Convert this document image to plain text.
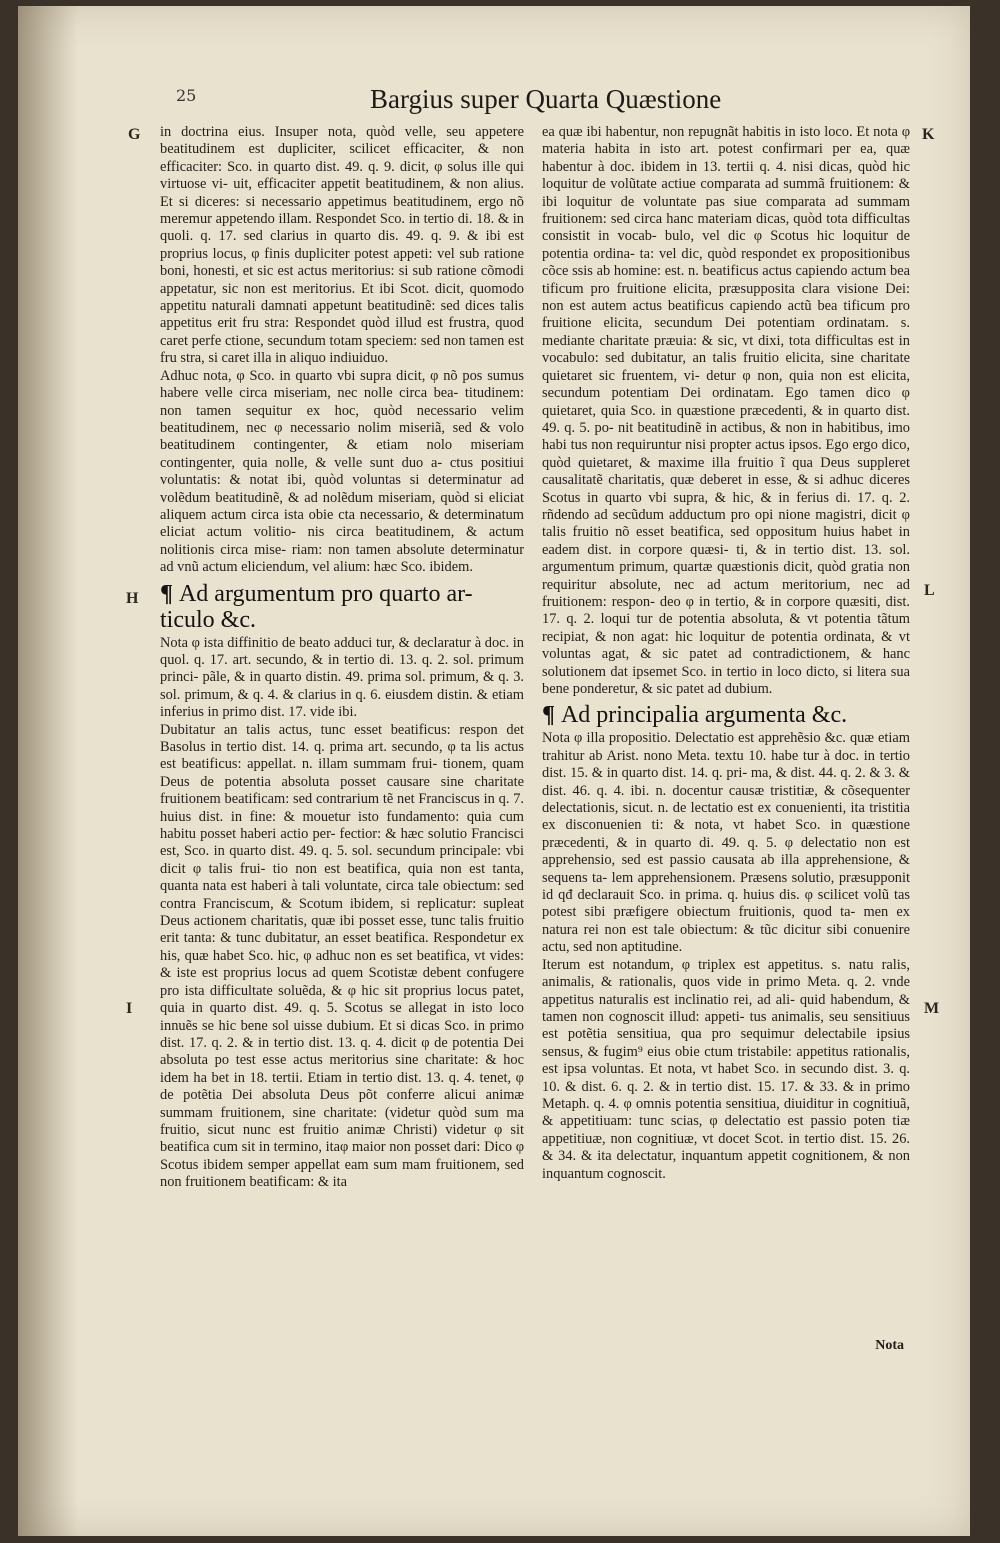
25	Bargius super Quarta Quæstione
G
H
I
K
L
M

in doctrina eius. Insuper nota, quòd velle, seu appetere beatitudinem est dupliciter, scilicet efficaciter, & non efficaciter: Sco. in quarto dist. 49. q. 9. dicit, φ solus ille qui virtuose vi- uit, efficaciter appetit beatitudinem, & non alius. Et si diceres: si necessario appetimus beatitudinem, ergo nõ meremur appetendo illam. Respondet Sco. in tertio di. 18. & in quoli. q. 17. sed clarius in quarto dis. 49. q. 9. & ibi est proprius locus, φ finis dupliciter potest appeti: vel sub ratione boni, honesti, et sic est actus meritorius: si sub ratione cõmodi appetatur, sic non est meritorius. Et ibi Scot. dicit, quomodo appetitu naturali damnati appetunt beatitudinẽ: sed dices talis appetitus erit fru stra: Respondet quòd illud est frustra, quod caret perfe ctione, secundum totam speciem: sed non tamen est fru stra, si caret illa in aliquo indiuiduo.

Adhuc nota, φ Sco. in quarto vbi supra dicit, φ nõ pos sumus habere velle circa miseriam, nec nolle circa bea- titudinem: non tamen sequitur ex hoc, quòd necessario velim beatitudinem, nec φ necessario nolim miseriã, sed & volo beatitudinem contingenter, & etiam nolo miseriam contingenter, quia nolle, & velle sunt duo a- ctus positiui voluntatis: & notat ibi, quòd voluntas si determinatur ad volẽdum beatitudinẽ, & ad nolẽdum miseriam, quòd si eliciat aliquem actum circa ista obie cta necessario, & determinatum eliciat actum volitio- nis circa beatitudinem, & actum nolitionis circa mise- riam: non tamen absolute determinatur ad vnũ actum eliciendum, vel alium: hæc Sco. ibidem.

¶ Ad argumentum pro quarto ar- ticulo &c.

Nota φ ista diffinitio de beato adduci tur, & declaratur à doc. in quol. q. 17. art. secundo, & in tertio di. 13. q. 2. sol. primum princi- pãle, & in quarto distin. 49. prima sol. primum, & q. 3. sol. primum, & q. 4. & clarius in q. 6. eiusdem distin. & etiam inferius in primo dist. 17. vide ibi.

Dubitatur an talis actus, tunc esset beatificus: respon det Basolus in tertio dist. 14. q. prima art. secundo, φ ta lis actus est beatificus: appellat. n. illam summam frui- tionem, quam Deus de potentia absoluta posset causare sine charitate fruitionem beatificam: sed contrarium tẽ net Franciscus in q. 7. huius dist. in fine: & mouetur isto fundamento: quia cum habitu posset haberi actio per- fectior: & hæc solutio Francisci est, Sco. in quarto dist. 49. q. 5. sol. secundum principale: vbi dicit φ talis frui- tio non est beatifica, quia non est tanta, quanta nata est haberi à tali voluntate, circa tale obiectum: sed contra Franciscum, & Scotum ibidem, si replicatur: supleat Deus actionem charitatis, quæ ibi posset esse, tunc talis fruitio erit tanta: & tunc dubitatur, an esset beatifica. Respondetur ex his, quæ habet Sco. hic, φ adhuc non es set beatifica, vt vides: & iste est proprius locus ad quem Scotistæ debent confugere pro ista difficultate soluẽda, & φ hic sit proprius locus patet, quia in quarto dist. 49. q. 5. Scotus se allegat in isto loco innuẽs se hic bene sol uisse dubium. Et si dicas Sco. in primo dist. 17. q. 2. & in tertio dist. 13. q. 4. dicit φ de potentia Dei absoluta po test esse actus meritorius sine charitate: & hoc idem ha bet in 18. tertii. Etiam in tertio dist. 13. q. 4. tenet, φ de potẽtia Dei absoluta Deus põt conferre alicui animæ summam fruitionem, sine charitate: (videtur quòd sum ma fruitio, sicut nunc est fruitio animæ Christi) videtur φ sit beatifica cum sit in termino, itaφ maior non posset dari: Dico φ Scotus ibidem semper appellat eam sum mam fruitionem, sed non fruitionem beatificam: & ita

ea quæ ibi habentur, non repugnãt habitis in isto loco. Et nota φ materia habita in isto art. potest confirmari per ea, quæ habentur à doc. ibidem in 13. tertii q. 4. nisi dicas, quòd hic loquitur de volũtate actiue comparata ad summã fruitionem: & ibi loquitur de voluntate pas siue comparata ad summam fruitionem: sed circa hanc materiam dicas, quòd tota difficultas consistit in vocab- bulo, vel dic φ Scotus hic loquitur de potentia ordina- ta: vel dic, quòd respondet ex propositionibus cõce ssis ab homine: est. n. beatificus actus capiendo actum bea tificum pro fruitione elicita, præsupposita clara visione Dei: non est autem actus beatificus capiendo actũ bea tificum pro fruitione elicita, secundum Dei potentiam ordinatam. s. mediante charitate præuia: & sic, vt dixi, tota difficultas est in vocabulo: sed dubitatur, an talis fruitio elicita, sine charitate quietaret sic fruentem, vi- detur φ non, quia non est elicita, secundum potentiam Dei ordinatam. Ego tamen dico φ quietaret, quia Sco. in quæstione præcedenti, & in quarto dist. 49. q. 5. po- nit beatitudinẽ in actibus, & non in habitibus, imo habi tus non requiruntur nisi propter actus ipsos. Ego ergo dico, quòd quietaret, & maxime illa fruitio ĩ qua Deus suppleret causalitatẽ charitatis, quæ deberet in esse, & si adhuc diceres Scotus in quarto vbi supra, & hic, & in ferius di. 17. q. 2. rñdendo ad secũdum adductum pro opi nione magistri, dicit φ talis fruitio nõ esset beatifica, sed oppositum huius habet in eadem dist. in corpore quæsi- ti, & in tertio dist. 13. sol. argumentum primum, quartæ quæstionis dicit, quòd gratia non requiritur absolute, nec ad actum meritorium, nec ad fruitionem: respon- deo φ in tertio, & in corpore quæsiti, dist. 17. q. 2. loqui tur de potentia absoluta, & vt potentia tãtum recipiat, & non agat: hic loquitur de potentia ordinata, & vt voluntas agat, & sic patet ad contradictionem, & hanc solutionem dat ipsemet Sco. in tertio in loco dicto, si litera sua bene ponderetur, & sic patet ad dubium.

¶ Ad principalia argumenta &c.

Nota φ illa propositio. Delectatio est apprehẽsio &c. quæ etiam trahitur ab Arist. nono Meta. textu 10. habe tur à doc. in tertio dist. 15. & in quarto dist. 14. q. pri- ma, & dist. 44. q. 2. & 3. & dist. 46. q. 4. ibi. n. docentur causæ tristitiæ, & cõsequenter delectationis, sicut. n. de lectatio est ex conuenienti, ita tristitia ex disconuenien ti: & nota, vt habet Sco. in quæstione præcedenti, & in quarto di. 49. q. 5. φ delectatio non est apprehensio, sed est passio causata ab illa apprehensione, & sequens ta- lem apprehensionem. Præsens solutio, præsupponit id qđ declarauit Sco. in prima. q. huius dis. φ scilicet volũ tas potest sibi præfigere obiectum fruitionis, quod ta- men ex natura rei non est tale obiectum: & tũc dicitur sibi conuenire actu, sed non aptitudine.

Iterum est notandum, φ triplex est appetitus. s. natu ralis, animalis, & rationalis, quos vide in primo Meta. q. 2. vnde appetitus naturalis est inclinatio rei, ad ali- quid habendum, & tamen non cognoscit illud: appeti- tus animalis, seu sensitiuus est potẽtia sensitiua, qua pro sequimur delectabile ipsius sensus, & fugim⁹ eius obie ctum tristabile: appetitus rationalis, est ipsa voluntas. Et nota, vt habet Sco. in secundo dist. 3. q. 10. & dist. 6. q. 2. & in tertio dist. 15. 17. & 33. & in primo Metaph. q. 4. φ omnis potentia sensitiua, diuiditur in cognitiuã, & appetitiuam: tunc scias, φ delectatio est passio poten tiæ appetitiuæ, non cognitiuæ, vt docet Scot. in tertio dist. 15. 26. & 34. & ita delectatur, inquantum appetit cognitionem, & non inquantum cognoscit.

Nota
